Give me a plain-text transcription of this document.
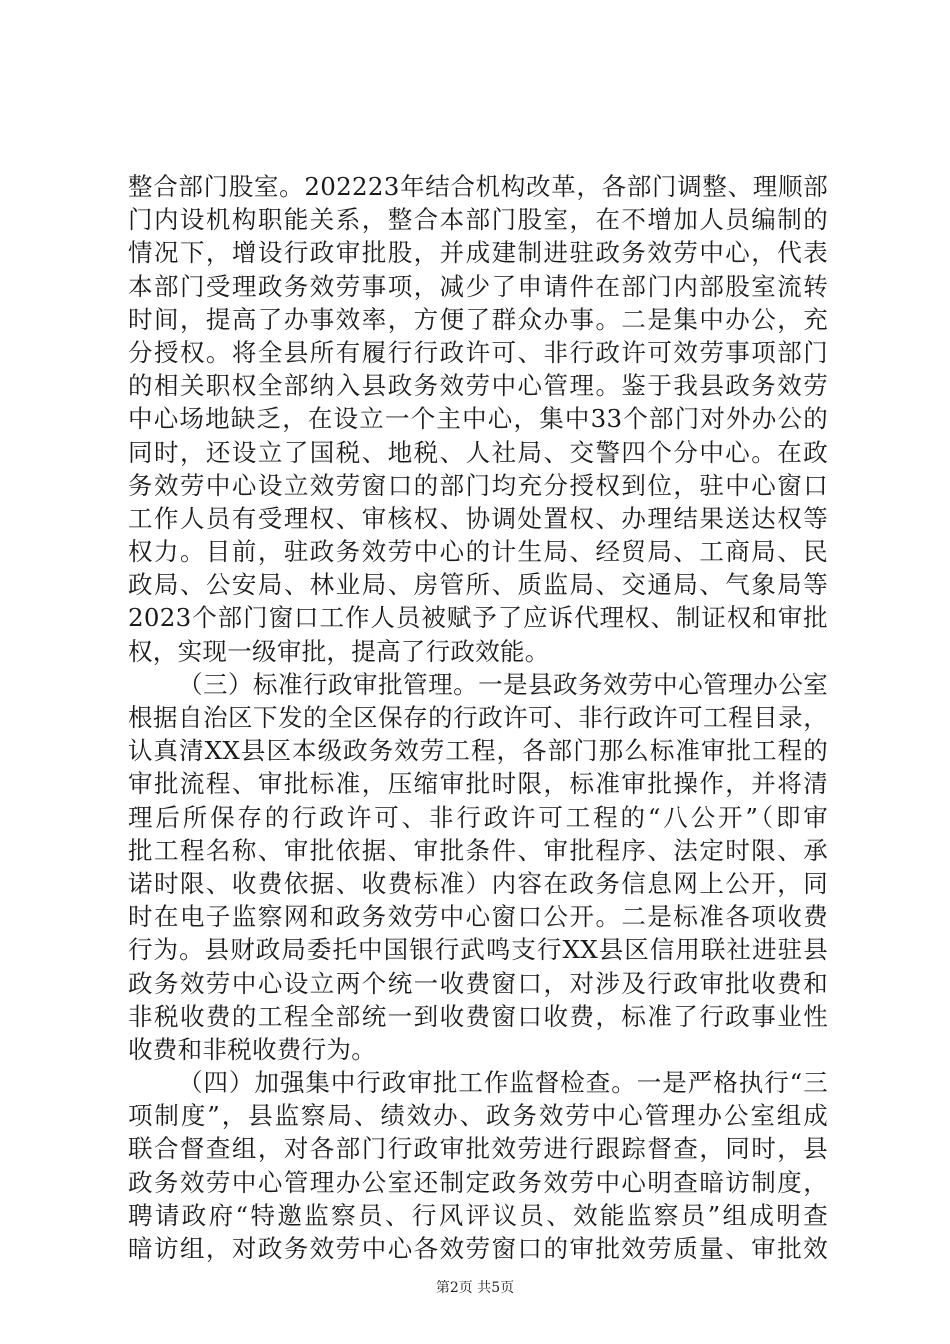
整合部门股室。202223年结合机构改革，各部门调整、理顺部
门内设机构职能关系，整合本部门股室，在不增加人员编制的
情况下，增设行政审批股，并成建制进驻政务效劳中心，代表
本部门受理政务效劳事项，减少了申请件在部门内部股室流转
时间，提高了办事效率，方便了群众办事。二是集中办公，充
分授权。将全县所有履行行政许可、非行政许可效劳事项部门
的相关职权全部纳入县政务效劳中心管理。鉴于我县政务效劳
中心场地缺乏，在设立一个主中心，集中33个部门对外办公的
同时，还设立了国税、地税、人社局、交警四个分中心。在政
务效劳中心设立效劳窗口的部门均充分授权到位，驻中心窗口
工作人员有受理权、审核权、协调处置权、办理结果送达权等
权力。目前，驻政务效劳中心的计生局、经贸局、工商局、民
政局、公安局、林业局、房管所、质监局、交通局、气象局等
2023个部门窗口工作人员被赋予了应诉代理权、制证权和审批
权，实现一级审批，提高了行政效能。
（三）标准行政审批管理。一是县政务效劳中心管理办公室
根据自治区下发的全区保存的行政许可、非行政许可工程目录，
认真清XX县区本级政务效劳工程，各部门那么标准审批工程的
审批流程、审批标准，压缩审批时限，标准审批操作，并将清
理后所保存的行政许可、非行政许可工程的“八公开”（即审
批工程名称、审批依据、审批条件、审批程序、法定时限、承
诺时限、收费依据、收费标准）内容在政务信息网上公开，同
时在电子监察网和政务效劳中心窗口公开。二是标准各项收费
行为。县财政局委托中国银行武鸣支行XX县区信用联社进驻县
政务效劳中心设立两个统一收费窗口，对涉及行政审批收费和
非税收费的工程全部统一到收费窗口收费，标准了行政事业性
收费和非税收费行为。
（四）加强集中行政审批工作监督检查。一是严格执行“三
项制度”，县监察局、绩效办、政务效劳中心管理办公室组成
联合督查组，对各部门行政审批效劳进行跟踪督查，同时，县
政务效劳中心管理办公室还制定政务效劳中心明查暗访制度，
聘请政府“特邀监察员、行风评议员、效能监察员”组成明查
暗访组，对政务效劳中心各效劳窗口的审批效劳质量、审批效
第2页 共5页
